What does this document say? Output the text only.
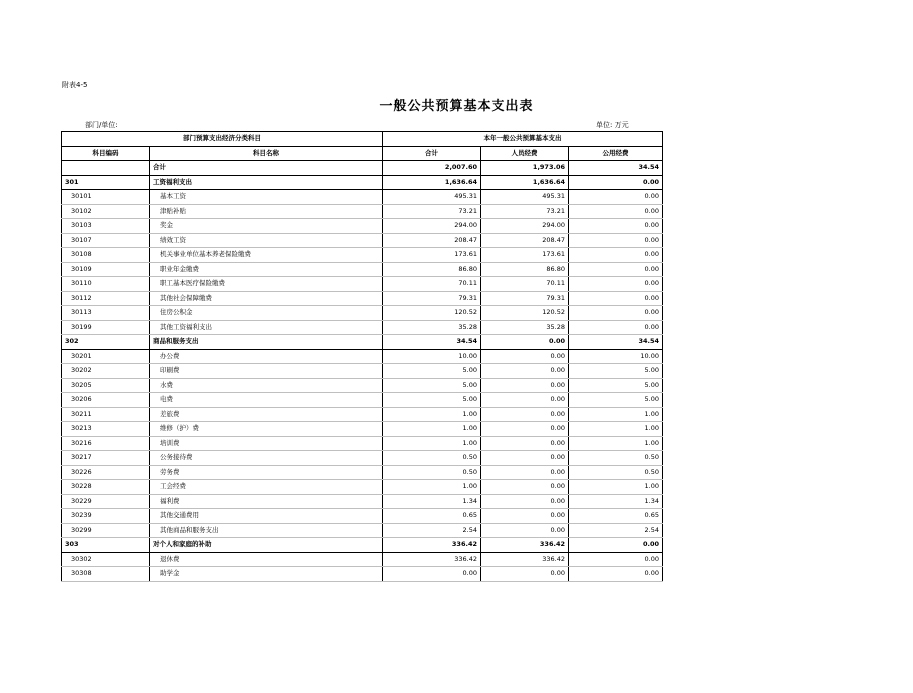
附表4-5
一般公共预算基本支出表
部门/单位:	单位: 万元
部门预算支出经济分类科目		本年一般公共预算基本支出		
科目编码	科目名称	合计	人员经费	公用经费
	合计	2,007.60	1,973.06	34.54
301	工资福利支出	1,636.64	1,636.64	0.00
30101	基本工资	495.31	495.31	0.00
30102	津贴补贴	73.21	73.21	0.00
30103	奖金	294.00	294.00	0.00
30107	绩效工资	208.47	208.47	0.00
30108	机关事业单位基本养老保险缴费	173.61	173.61	0.00
30109	职业年金缴费	86.80	86.80	0.00
30110	职工基本医疗保险缴费	70.11	70.11	0.00
30112	其他社会保障缴费	79.31	79.31	0.00
30113	住房公积金	120.52	120.52	0.00
30199	其他工资福利支出	35.28	35.28	0.00
302	商品和服务支出	34.54	0.00	34.54
30201	办公费	10.00	0.00	10.00
30202	印刷费	5.00	0.00	5.00
30205	水费	5.00	0.00	5.00
30206	电费	5.00	0.00	5.00
30211	差旅费	1.00	0.00	1.00
30213	维修（护）费	1.00	0.00	1.00
30216	培训费	1.00	0.00	1.00
30217	公务接待费	0.50	0.00	0.50
30226	劳务费	0.50	0.00	0.50
30228	工会经费	1.00	0.00	1.00
30229	福利费	1.34	0.00	1.34
30239	其他交通费用	0.65	0.00	0.65
30299	其他商品和服务支出	2.54	0.00	2.54
303	对个人和家庭的补助	336.42	336.42	0.00
30302	退休费	336.42	336.42	0.00
30308	助学金	0.00	0.00	0.00
